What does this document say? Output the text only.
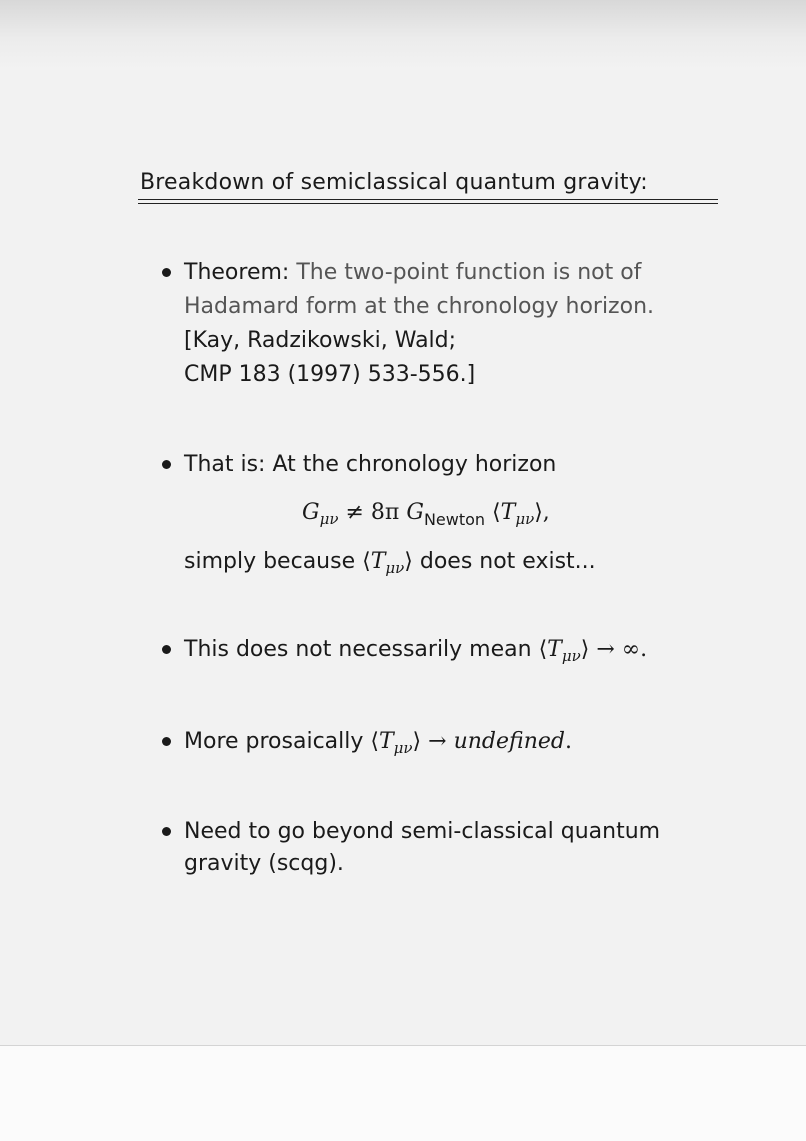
Breakdown of semiclassical quantum gravity:
Theorem: The two-point function is not of
Hadamard form at the chronology horizon.
[Kay, Radzikowski, Wald;
CMP 183 (1997) 533-556.]
That is: At the chronology horizon
$G_{\mu\nu} \ne 8\pi$ $G_{Newton}$ $⟨T_{\mu\nu}⟩$,
simply because $⟨T_{\mu\nu}⟩$ does not exist...
This does not necessarily mean $⟨T_{\mu\nu}⟩$ → ∞.
More prosaically $⟨T_{\mu\nu}⟩$ → undefined.
Need to go beyond semi-classical quantum
gravity (scqg).
